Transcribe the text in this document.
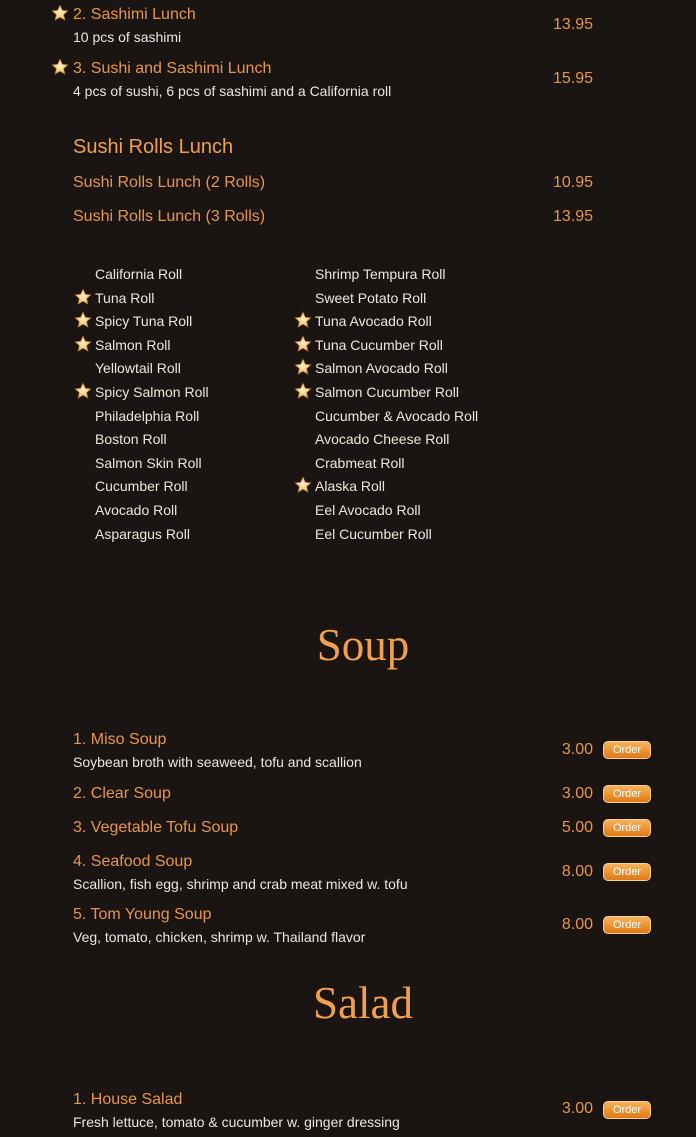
2. Sashimi Lunch
10 pcs of sashimi
13.95
3. Sushi and Sashimi Lunch
4 pcs of sushi, 6 pcs of sashimi and a California roll
15.95
Sushi Rolls Lunch
Sushi Rolls Lunch (2 Rolls)	10.95
Sushi Rolls Lunch (3 Rolls)	13.95
California Roll
Tuna Roll
Spicy Tuna Roll
Salmon Roll
Yellowtail Roll
Spicy Salmon Roll
Philadelphia Roll
Boston Roll
Salmon Skin Roll
Cucumber Roll
Avocado Roll
Asparagus Roll
Shrimp Tempura Roll
Sweet Potato Roll
Tuna Avocado Roll
Tuna Cucumber Roll
Salmon Avocado Roll
Salmon Cucumber Roll
Cucumber & Avocado Roll
Avocado Cheese Roll
Crabmeat Roll
Alaska Roll
Eel Avocado Roll
Eel Cucumber Roll
Soup
1. Miso Soup
Soybean broth with seaweed, tofu and scallion
3.00	Order
2. Clear Soup	3.00	Order
3. Vegetable Tofu Soup	5.00	Order
4. Seafood Soup
Scallion, fish egg, shrimp and crab meat mixed w. tofu
8.00	Order
5. Tom Young Soup
Veg, tomato, chicken, shrimp w. Thailand flavor
8.00	Order
Salad
1. House Salad
Fresh lettuce, tomato & cucumber w. ginger dressing
3.00	Order
